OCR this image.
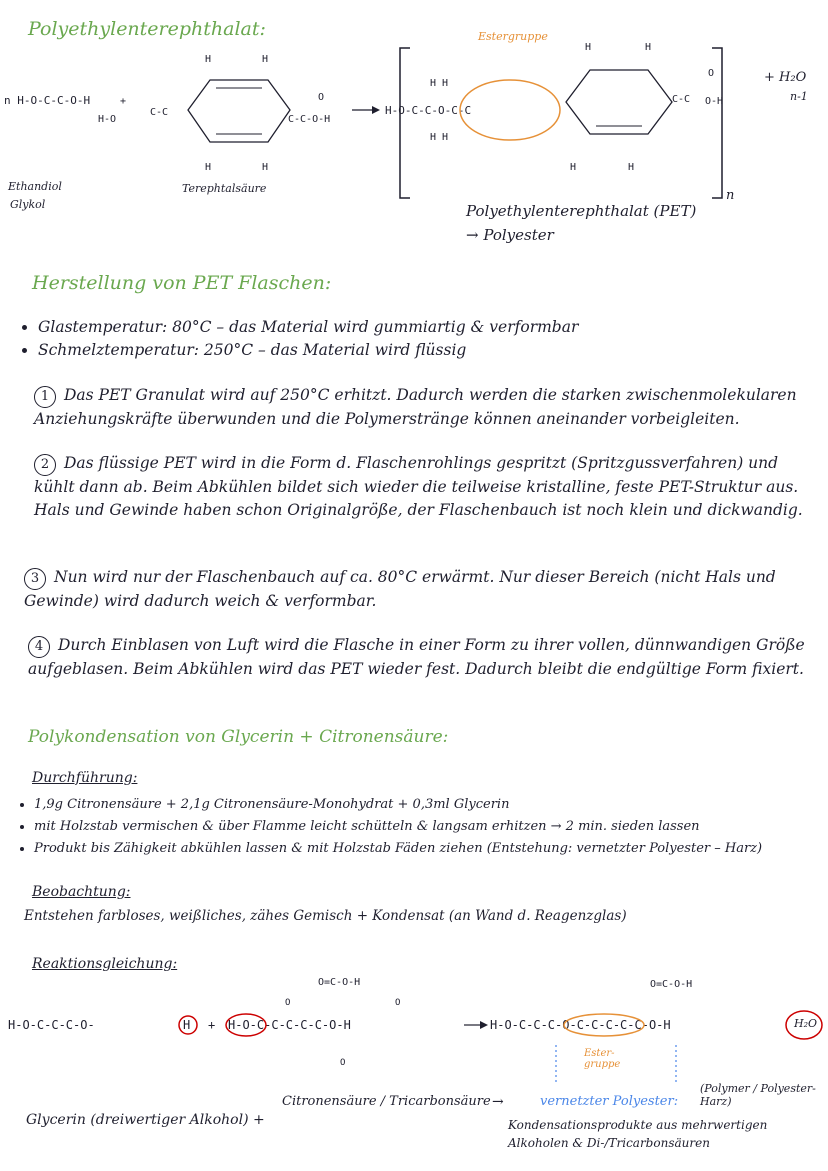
Polyethylenterephthalat:
n H-O-C-C-O-H
H-O
+
H	H
H	H
C-C
C-C-O-H
O
H-O-C-C-O-C-C
H H
H H
H	H
H	H
C-C O-H
O
Ethandiol
Glykol
Terephtalsäure
Estergruppe
+ H₂O
n-1
n
Polyethylenterephthalat (PET)
→ Polyester
Herstellung von PET Flaschen:
• Glastemperatur: 80°C – das Material wird gummiartig & verformbar
• Schmelztemperatur: 250°C – das Material wird flüssig
1 Das PET Granulat wird auf 250°C erhitzt. Dadurch werden die starken zwischenmolekularen Anziehungskräfte überwunden und die Polymerstränge können aneinander vorbeigleiten.
2 Das flüssige PET wird in die Form d. Flaschenrohlings gespritzt (Spritzgussverfahren) und kühlt dann ab. Beim Abkühlen bildet sich wieder die teilweise kristalline, feste PET-Struktur aus. Hals und Gewinde haben schon Originalgröße, der Flaschenbauch ist noch klein und dickwandig.
3 Nun wird nur der Flaschenbauch auf ca. 80°C erwärmt. Nur dieser Bereich (nicht Hals und Gewinde) wird dadurch weich & verformbar.
4 Durch Einblasen von Luft wird die Flasche in einer Form zu ihrer vollen, dünnwandigen Größe aufgeblasen. Beim Abkühlen wird das PET wieder fest. Dadurch bleibt die endgültige Form fixiert.
Polykondensation von Glycerin + Citronensäure:
Durchführung:
• 1,9g Citronensäure + 2,1g Citronensäure-Monohydrat + 0,3ml Glycerin
• mit Holzstab vermischen & über Flamme leicht schütteln & langsam erhitzen → 2 min. sieden lassen
• Produkt bis Zähigkeit abkühlen lassen & mit Holzstab Fäden ziehen (Entstehung: vernetzter Polyester – Harz)
Beobachtung:
Entstehen farbloses, weißliches, zähes Gemisch + Kondensat (an Wand d. Reagenzglas)
Reaktionsgleichung:
H-O-C-C-C-O-	H + H-O-C-C-C-C-C-O-H
O=C-O-H
O	O
O
H-O-C-C-C-O-C-C-C-C-C-O-H
O=C-O-H
H₂O
Ester-gruppe
Glycerin (dreiwertiger Alkohol) +
Citronensäure / Tricarbonsäure →	vernetzter Polyester:
(Polymer / Polyester-Harz)
Kondensationsprodukte aus mehrwertigen Alkoholen & Di-/Tricarbonsäuren
